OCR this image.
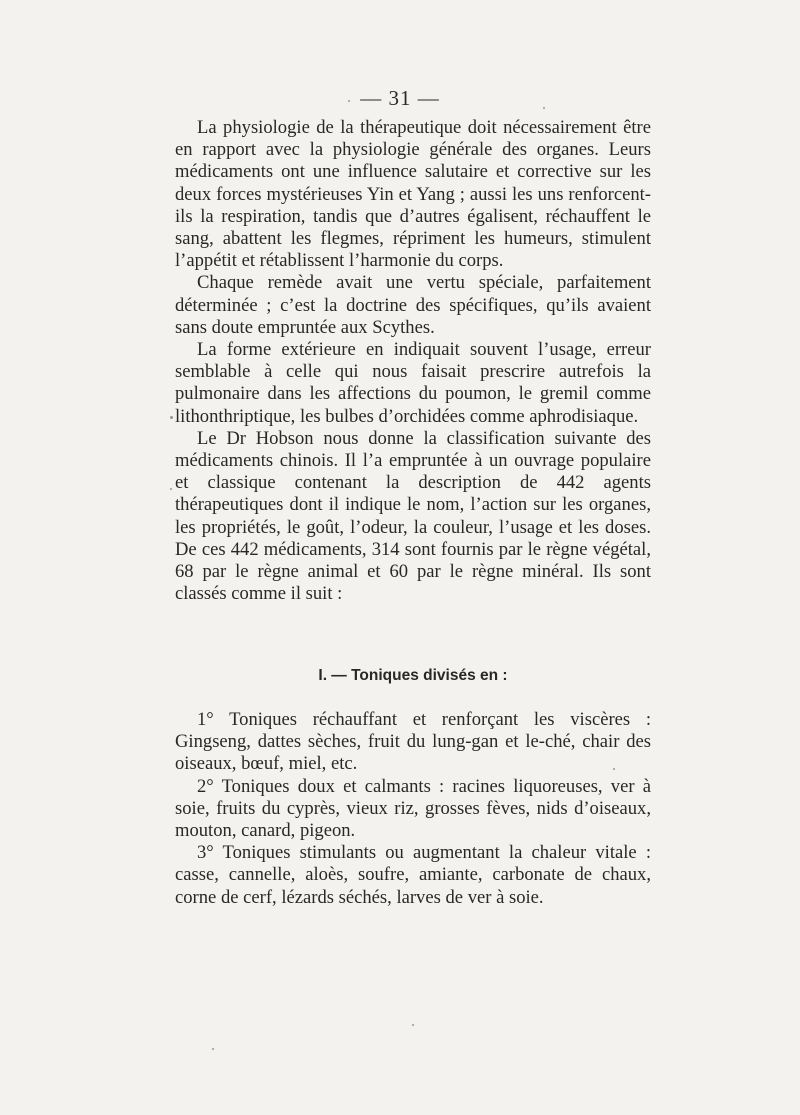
— 31 —

La physiologie de la thérapeutique doit nécessairement être en rapport avec la physiologie générale des organes. Leurs médicaments ont une influence salutaire et corrective sur les deux forces mystérieuses Yin et Yang ; aussi les uns renforcent-ils la respiration, tandis que d’autres égalisent, réchauffent le sang, abattent les flegmes, répriment les humeurs, stimulent l’appétit et rétablissent l’harmonie du corps.

Chaque remède avait une vertu spéciale, parfaitement déterminée ; c’est la doctrine des spécifiques, qu’ils avaient sans doute empruntée aux Scythes.

La forme extérieure en indiquait souvent l’usage, erreur semblable à celle qui nous faisait prescrire autrefois la pulmonaire dans les affections du poumon, le gremil comme lithonthriptique, les bulbes d’orchidées comme aphrodisiaque.

Le Dr Hobson nous donne la classification suivante des médicaments chinois. Il l’a empruntée à un ouvrage populaire et classique contenant la description de 442 agents thérapeutiques dont il indique le nom, l’action sur les organes, les propriétés, le goût, l’odeur, la couleur, l’usage et les doses. De ces 442 médicaments, 314 sont fournis par le règne végétal, 68 par le règne animal et 60 par le règne minéral. Ils sont classés comme il suit :

I. — Toniques divisés en :

1° Toniques réchauffant et renforçant les viscères : Gingseng, dattes sèches, fruit du lung-gan et le-ché, chair des oiseaux, bœuf, miel, etc.

2° Toniques doux et calmants : racines liquoreuses, ver à soie, fruits du cyprès, vieux riz, grosses fèves, nids d’oiseaux, mouton, canard, pigeon.

3° Toniques stimulants ou augmentant la chaleur vitale : casse, cannelle, aloès, soufre, amiante, carbonate de chaux, corne de cerf, lézards séchés, larves de ver à soie.
